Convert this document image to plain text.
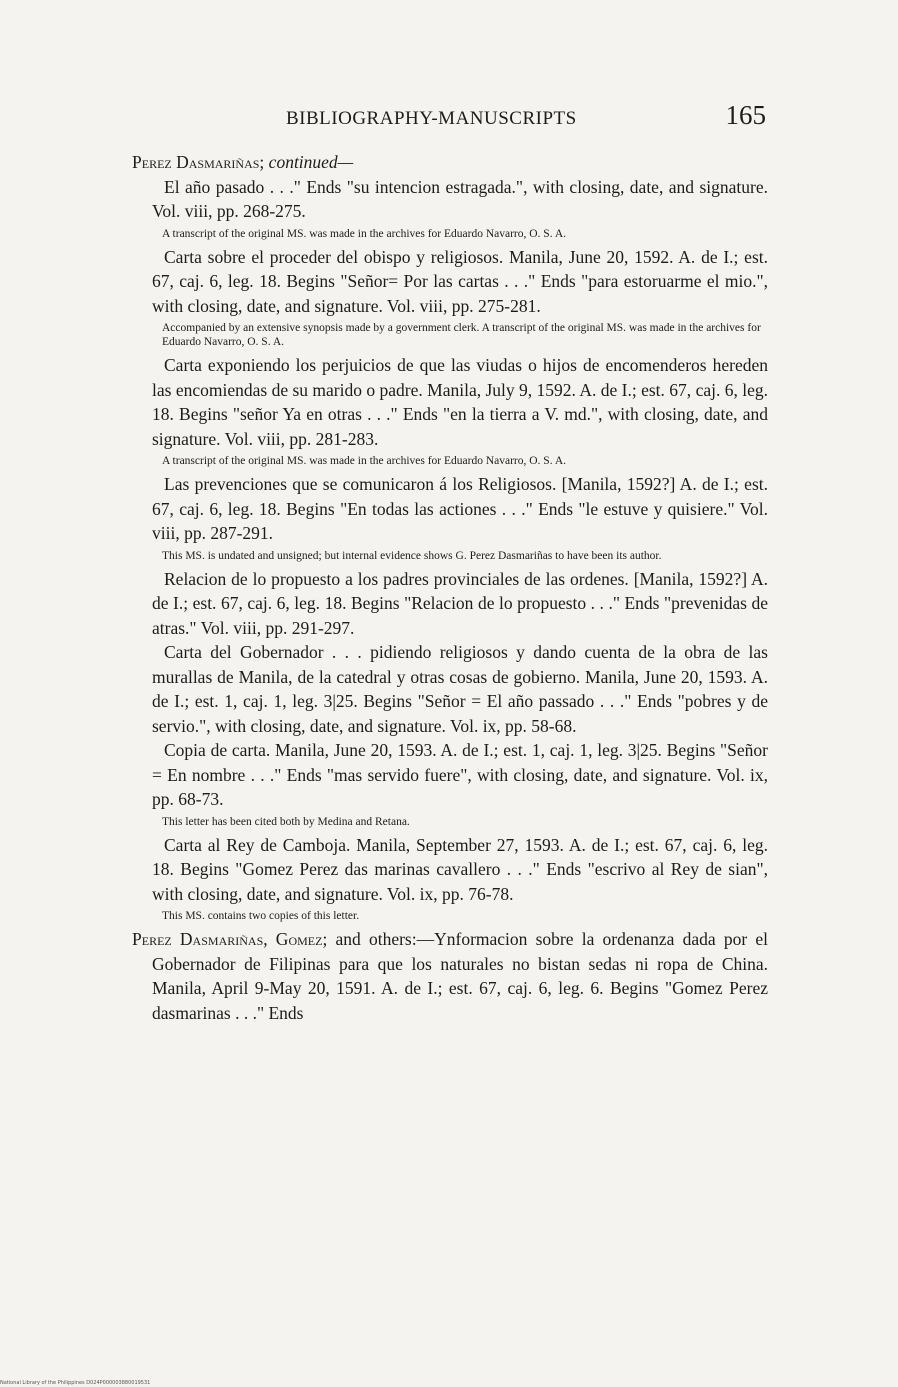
BIBLIOGRAPHY-MANUSCRIPTS	165

Perez Dasmariñas; continued—

El año pasado . . ." Ends "su intencion estragada.", with closing, date, and signature. Vol. viii, pp. 268-275.

A transcript of the original MS. was made in the archives for Eduardo Navarro, O. S. A.

Carta sobre el proceder del obispo y religiosos. Manila, June 20, 1592. A. de I.; est. 67, caj. 6, leg. 18. Begins "Señor= Por las cartas . . ." Ends "para estoruarme el mio.", with closing, date, and signature. Vol. viii, pp. 275-281.

Accompanied by an extensive synopsis made by a government clerk. A transcript of the original MS. was made in the archives for Eduardo Navarro, O. S. A.

Carta exponiendo los perjuicios de que las viudas o hijos de encomenderos hereden las encomiendas de su marido o padre. Manila, July 9, 1592. A. de I.; est. 67, caj. 6, leg. 18. Begins "señor Ya en otras . . ." Ends "en la tierra a V. md.", with closing, date, and signature. Vol. viii, pp. 281-283.

A transcript of the original MS. was made in the archives for Eduardo Navarro, O. S. A.

Las prevenciones que se comunicaron á los Religiosos. [Manila, 1592?] A. de I.; est. 67, caj. 6, leg. 18. Begins "En todas las actiones . . ." Ends "le estuve y quisiere." Vol. viii, pp. 287-291.

This MS. is undated and unsigned; but internal evidence shows G. Perez Dasmariñas to have been its author.

Relacion de lo propuesto a los padres provinciales de las ordenes. [Manila, 1592?] A. de I.; est. 67, caj. 6, leg. 18. Begins "Relacion de lo propuesto . . ." Ends "prevenidas de atras." Vol. viii, pp. 291-297.

Carta del Gobernador . . . pidiendo religiosos y dando cuenta de la obra de las murallas de Manila, de la catedral y otras cosas de gobierno. Manila, June 20, 1593. A. de I.; est. 1, caj. 1, leg. 3|25. Begins "Señor = El año passado . . ." Ends "pobres y de servio.", with closing, date, and signature. Vol. ix, pp. 58-68.

Copia de carta. Manila, June 20, 1593. A. de I.; est. 1, caj. 1, leg. 3|25. Begins "Señor = En nombre . . ." Ends "mas servido fuere", with closing, date, and signature. Vol. ix, pp. 68-73.

This letter has been cited both by Medina and Retana.

Carta al Rey de Camboja. Manila, September 27, 1593. A. de I.; est. 67, caj. 6, leg. 18. Begins "Gomez Perez das marinas cavallero . . ." Ends "escrivo al Rey de sian", with closing, date, and signature. Vol. ix, pp. 76-78.

This MS. contains two copies of this letter.

Perez Dasmariñas, Gomez; and others:—Ynformacion sobre la ordenanza dada por el Gobernador de Filipinas para que los naturales no bistan sedas ni ropa de China. Manila, April 9-May 20, 1591. A. de I.; est. 67, caj. 6, leg. 6. Begins "Gomez Perez dasmarinas . . ." Ends

National Library of the Philippines D024P000003880019531
